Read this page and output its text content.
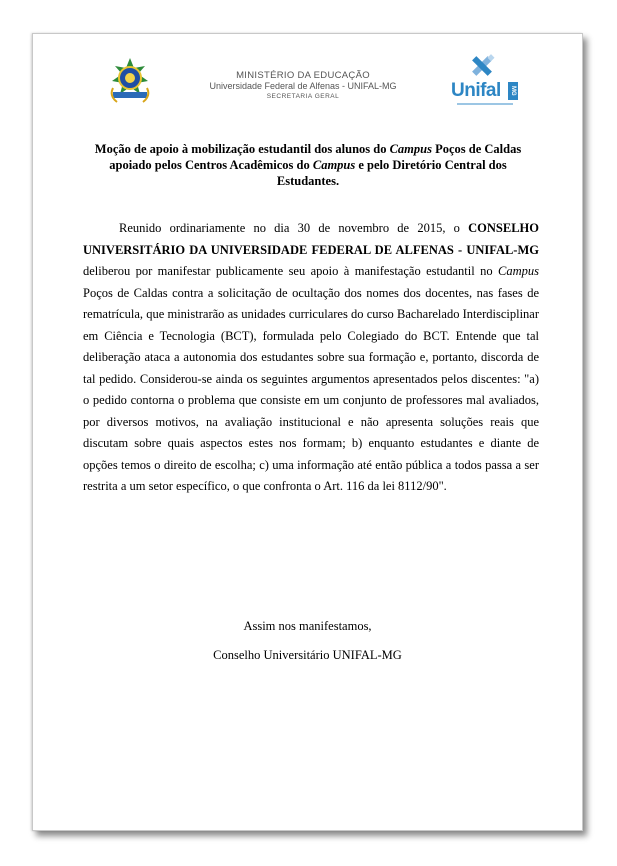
MINISTÉRIO DA EDUCAÇÃO
Universidade Federal de Alfenas - UNIFAL-MG
SECRETARIA GERAL	Unifal	MG
Moção de apoio à mobilização estudantil dos alunos do Campus Poços de Caldas apoiado pelos Centros Acadêmicos do Campus e pelo Diretório Central dos Estudantes.
Reunido ordinariamente no dia 30 de novembro de 2015, o CONSELHO UNIVERSITÁRIO DA UNIVERSIDADE FEDERAL DE ALFENAS - UNIFAL-MG deliberou por manifestar publicamente seu apoio à manifestação estudantil no Campus Poços de Caldas contra a solicitação de ocultação dos nomes dos docentes, nas fases de rematrícula, que ministrarão as unidades curriculares do curso Bacharelado Interdisciplinar em Ciência e Tecnologia (BCT), formulada pelo Colegiado do BCT. Entende que tal deliberação ataca a autonomia dos estudantes sobre sua formação e, portanto, discorda de tal pedido. Considerou-se ainda os seguintes argumentos apresentados pelos discentes: "a) o pedido contorna o problema que consiste em um conjunto de professores mal avaliados, por diversos motivos, na avaliação institucional e não apresenta soluções reais que discutam sobre quais aspectos estes nos formam; b) enquanto estudantes e diante de opções temos o direito de escolha; c) uma informação até então pública a todos passa a ser restrita a um setor específico, o que confronta o Art. 116 da lei 8112/90".
Assim nos manifestamos,
Conselho Universitário UNIFAL-MG
